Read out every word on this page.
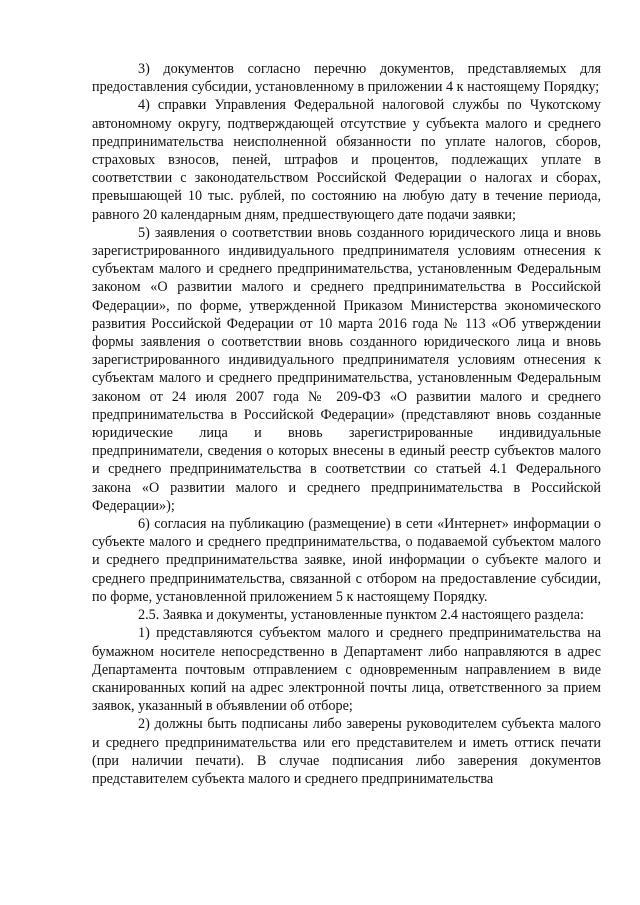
3) документов согласно перечню документов, представляемых для предоставления субсидии, установленному в приложении 4 к настоящему Порядку;

4) справки Управления Федеральной налоговой службы по Чукотскому автономному округу, подтверждающей отсутствие у субъекта малого и среднего предпринимательства неисполненной обязанности по уплате налогов, сборов, страховых взносов, пеней, штрафов и процентов, подлежащих уплате в соответствии с законодательством Российской Федерации о налогах и сборах, превышающей 10 тыс. рублей, по состоянию на любую дату в течение периода, равного 20 календарным дням, предшествующего дате подачи заявки;

5) заявления о соответствии вновь созданного юридического лица и вновь зарегистрированного индивидуального предпринимателя условиям отнесения к субъектам малого и среднего предпринимательства, установленным Федеральным законом «О развитии малого и среднего предпринимательства в Российской Федерации», по форме, утвержденной Приказом Министерства экономического развития Российской Федерации от 10 марта 2016 года № 113 «Об утверждении формы заявления о соответствии вновь созданного юридического лица и вновь зарегистрированного индивидуального предпринимателя условиям отнесения к субъектам малого и среднего предпринимательства, установленным Федеральным законом от 24 июля 2007 года № 209-ФЗ «О развитии малого и среднего предпринимательства в Российской Федерации» (представляют вновь созданные юридические лица и вновь зарегистрированные индивидуальные предприниматели, сведения о которых внесены в единый реестр субъектов малого и среднего предпринимательства в соответствии со статьей 4.1 Федерального закона «О развитии малого и среднего предпринимательства в Российской Федерации»);

6) согласия на публикацию (размещение) в сети «Интернет» информации о субъекте малого и среднего предпринимательства, о подаваемой субъектом малого и среднего предпринимательства заявке, иной информации о субъекте малого и среднего предпринимательства, связанной с отбором на предоставление субсидии, по форме, установленной приложением 5 к настоящему Порядку.

2.5. Заявка и документы, установленные пунктом 2.4 настоящего раздела:

1) представляются субъектом малого и среднего предпринимательства на бумажном носителе непосредственно в Департамент либо направляются в адрес Департамента почтовым отправлением с одновременным направлением в виде сканированных копий на адрес электронной почты лица, ответственного за прием заявок, указанный в объявлении об отборе;

2) должны быть подписаны либо заверены руководителем субъекта малого и среднего предпринимательства или его представителем и иметь оттиск печати (при наличии печати). В случае подписания либо заверения документов представителем субъекта малого и среднего предпринимательства
